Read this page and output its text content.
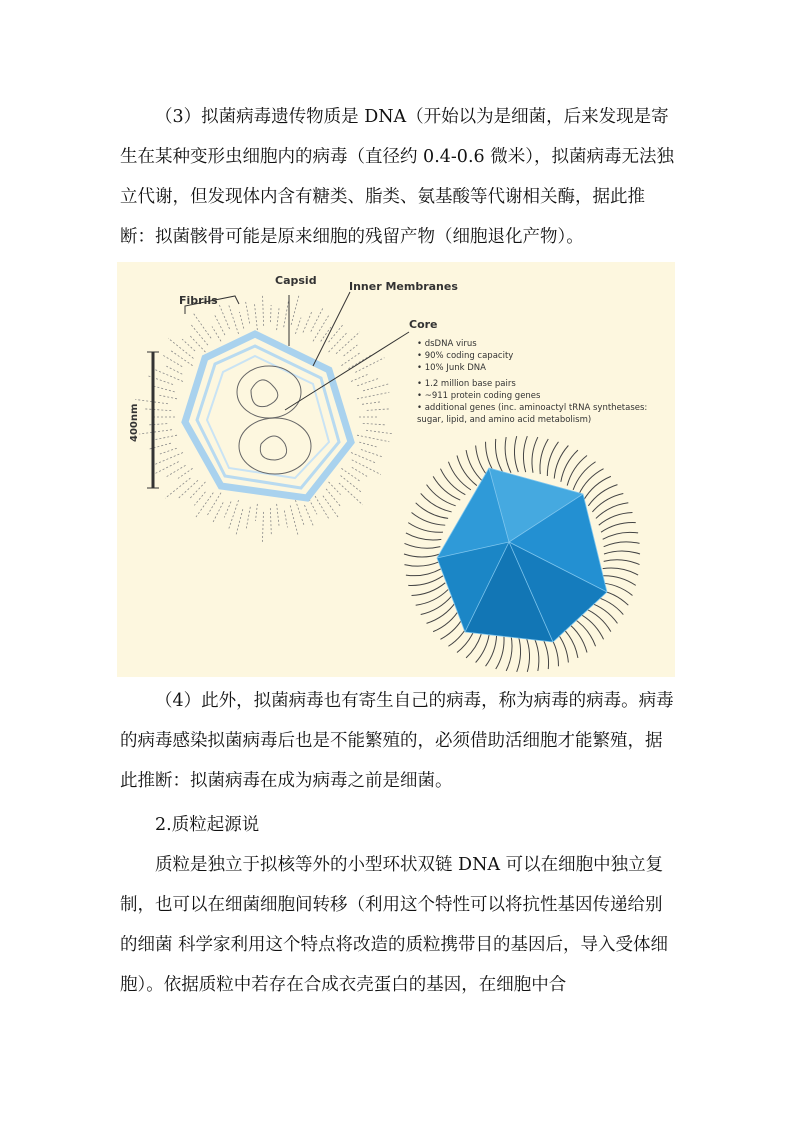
（3）拟菌病毒遗传物质是 DNA（开始以为是细菌，后来发现是寄生在某种变形虫细胞内的病毒（直径约 0.4-0.6 微米），拟菌病毒无法独立代谢，但发现体内含有糖类、脂类、氨基酸等代谢相关酶，据此推断：拟菌骸骨可能是原来细胞的残留产物（细胞退化产物）。

400nm
Capsid	Inner Membranes
Fibrils
Core
• dsDNA virus
• 90% coding capacity
• 10% Junk DNA
• 1.2 million base pairs
• ~911 protein coding genes
• additional genes (inc. aminoactyl tRNA synthetases:
sugar, lipid, and amino acid metabolism)

（4）此外，拟菌病毒也有寄生自己的病毒，称为病毒的病毒。病毒的病毒感染拟菌病毒后也是不能繁殖的，必须借助活细胞才能繁殖，据此推断：拟菌病毒在成为病毒之前是细菌。

2.质粒起源说

质粒是独立于拟核等外的小型环状双链 DNA 可以在细胞中独立复制，也可以在细菌细胞间转移（利用这个特性可以将抗性基因传递给别的细菌 科学家利用这个特点将改造的质粒携带目的基因后，导入受体细胞）。依据质粒中若存在合成衣壳蛋白的基因，在细胞中合
